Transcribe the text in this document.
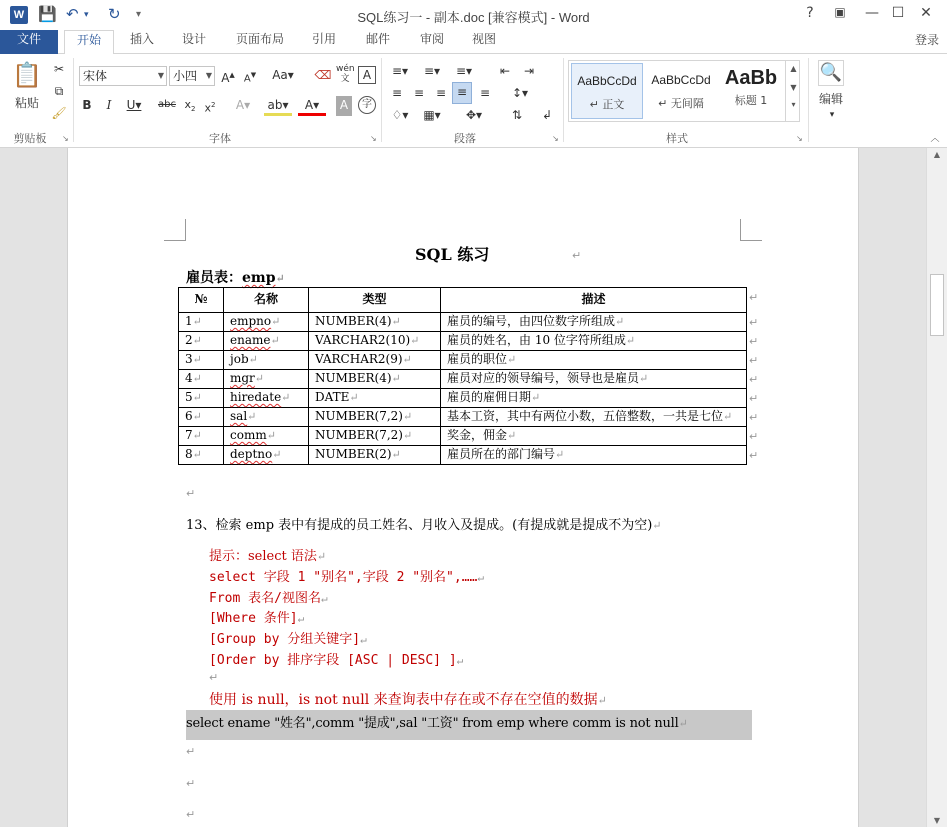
W 💾 ↶ ▾ ↻ ▾	SQL练习一 - 副本.doc [兼容模式] - Word	?	▣	— ☐	✕
文件	开始	插入	设计	页面布局	引用	邮件	审阅	视图	登录
📋
粘贴
✂
⧉
🖌
剪贴板	↘
宋体	▼ 小四 ▼ A▲ A▼ Aa▾ ⌫ wén
文	A
B	I	U▾ abc $x_2$ $x^2$	A▾	ab▾	A▾	A	字
字体	↘
≡▾	≡▾	≡▾	⇤	⇥
≡ ≡ ≡ ≡	≡	↕▾
♢▾	▦▾	✥▾	⇅	↲
段落	↘
AaBbCcDd
↵ 正文
AaBbCcDd
↵ 无间隔
AaBb
标题 1
▲
▼
▾
样式	↘
🔍
编辑
▾
︿
▲
▼
SQL 练习	↵
雇员表：emp↵
№	名称	类型	描述
1↵	empno↵	NUMBER(4)↵	雇员的编号，由四位数字所组成↵
2↵	ename↵	VARCHAR2(10)↵	雇员的姓名，由 10 位字符所组成↵
3↵	job↵	VARCHAR2(9)↵	雇员的职位↵
4↵	mgr↵	NUMBER(4)↵	雇员对应的领导编号，领导也是雇员↵
5↵	hiredate↵	DATE↵	雇员的雇佣日期↵
6↵	sal↵	NUMBER(7,2)↵	基本工资，其中有两位小数，五倍整数，一共是七位↵
7↵	comm↵	NUMBER(7,2)↵	奖金，佣金↵
8↵	deptno↵	NUMBER(2)↵	雇员所在的部门编号↵
↵
↵
↵
↵
↵
↵
↵
↵
↵
↵
13、检索 emp 表中有提成的员工姓名、月收入及提成。(有提成就是提成不为空)↵
提示：select 语法↵
select 字段 1 "别名",字段 2 "别名",……↵
From 表名/视图名↵
[Where 条件]↵
[Group by 分组关键字]↵
[Order by 排序字段 [ASC | DESC] ]↵
↵
使用 is null，is not null 来查询表中存在或不存在空值的数据↵
select ename "姓名",comm "提成",sal "工资" from emp where comm is not null↵
↵
↵
↵
